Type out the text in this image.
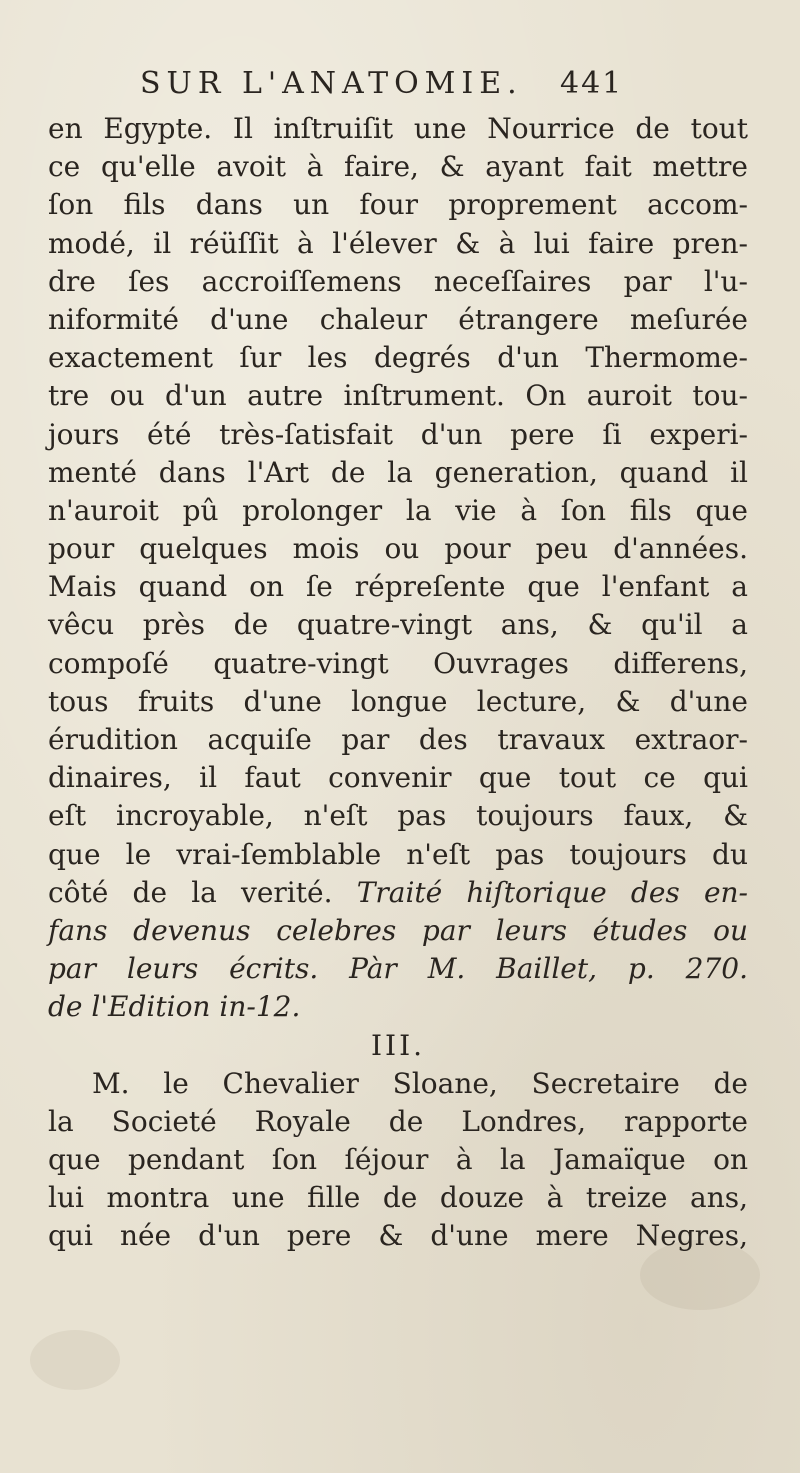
SUR L'ANATOMIE. 441
en Egypte. Il inſtruiſit une Nourrice de tout
ce qu'elle avoit à faire, & ayant fait mettre
ſon fils dans un four proprement accom-
modé, il réüſſit à l'élever & à lui faire pren-
dre ſes accroiſſemens neceſſaires par l'u-
niformité d'une chaleur étrangere meſurée
exactement ſur les degrés d'un Thermome-
tre ou d'un autre inſtrument. On auroit tou-
jours été très-ſatisfait d'un pere ſi experi-
menté dans l'Art de la generation, quand il
n'auroit pû prolonger la vie à ſon fils que
pour quelques mois ou pour peu d'années.
Mais quand on ſe répreſente que l'enfant a
vêcu près de quatre-vingt ans, & qu'il a
compoſé quatre-vingt Ouvrages differens,
tous fruits d'une longue lecture, & d'une
érudition acquiſe par des travaux extraor-
dinaires, il faut convenir que tout ce qui
eſt incroyable, n'eſt pas toujours faux, &
que le vrai-ſemblable n'eſt pas toujours du
côté de la verité. Traité hiſtorique des en-
fans devenus celebres par leurs études ou
par leurs écrits. Pàr M. Baillet, p. 270.
de l'Edition in-12.
III.
M. le Chevalier Sloane, Secretaire de
la Societé Royale de Londres, rapporte
que pendant ſon ſéjour à la Jamaïque on
lui montra une fille de douze à treize ans,
qui née d'un pere & d'une mere Negres,
